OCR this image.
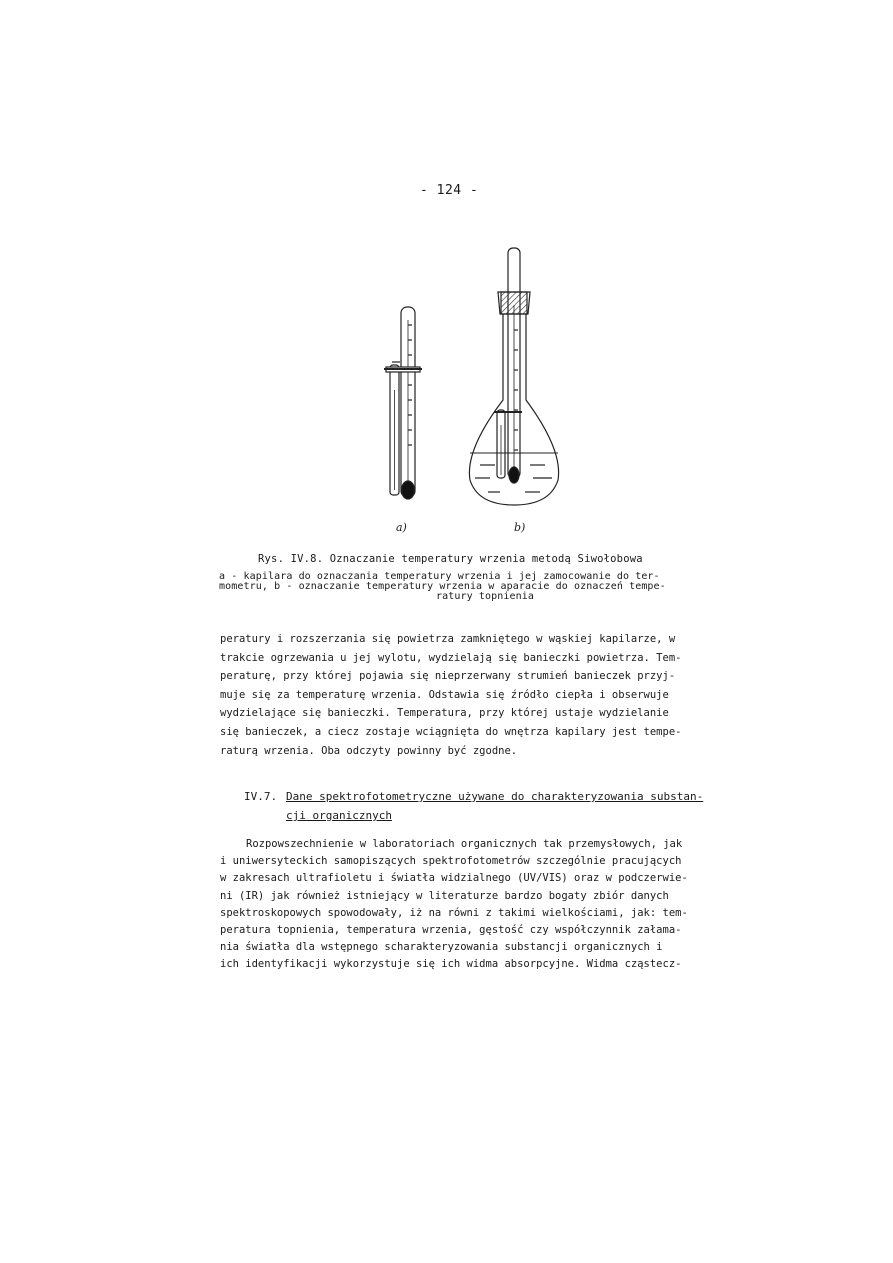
- 124 -
a)	b)
Rys. IV.8. Oznaczanie temperatury wrzenia metodą Siwołobowa
a - kapilara do oznaczania temperatury wrzenia i jej zamocowanie do ter-
mometru, b - oznaczanie temperatury wrzenia w aparacie do oznaczeń tempe-
ratury topnienia
peratury i rozszerzania się powietrza zamkniętego w wąskiej kapilarze, w
trakcie ogrzewania u jej wylotu, wydzielają się banieczki powietrza. Tem-
peraturę, przy której pojawia się nieprzerwany strumień banieczek przyj-
muje się za temperaturę wrzenia. Odstawia się źródło ciepła i obserwuje
wydzielające się banieczki. Temperatura, przy której ustaje wydzielanie
się banieczek, a ciecz zostaje wciągnięta do wnętrza kapilary jest tempe-
raturą wrzenia. Oba odczyty powinny być zgodne.
IV.7. Dane spektrofotometryczne używane do charakteryzowania substan-
cji organicznych
Rozpowszechnienie w laboratoriach organicznych tak przemysłowych, jak
i uniwersyteckich samopiszących spektrofotometrów szczególnie pracujących
w zakresach ultrafioletu i światła widzialnego (UV/VIS) oraz w podczerwie-
ni (IR) jak również istniejący w literaturze bardzo bogaty zbiór danych
spektroskopowych spowodowały, iż na równi z takimi wielkościami, jak: tem-
peratura topnienia, temperatura wrzenia, gęstość czy współczynnik załama-
nia światła dla wstępnego scharakteryzowania substancji organicznych i
ich identyfikacji wykorzystuje się ich widma absorpcyjne. Widma cząstecz-
